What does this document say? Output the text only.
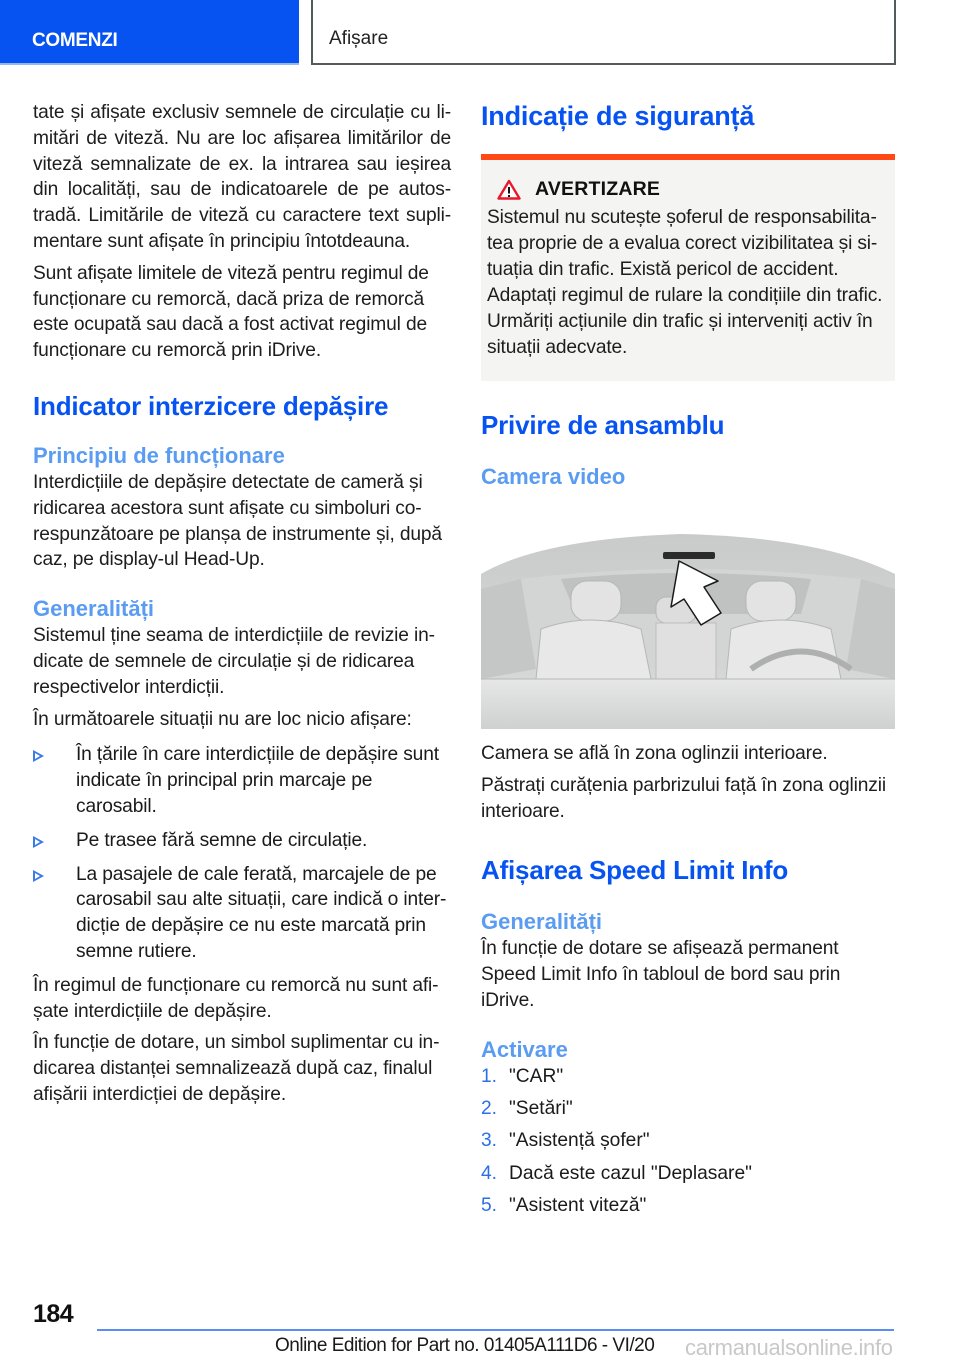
COMENZI	Afișare

tate și afișate exclusiv semnele de circulație cu li-mitări de viteză. Nu are loc afișarea limitărilor de viteză semnalizate de ex. la intrarea sau ieșirea din localități, sau de indicatoarele de pe autos-tradă. Limitările de viteză cu caractere text supli-mentare sunt afișate în principiu întotdeauna.

Sunt afișate limitele de viteză pentru regimul de funcționare cu remorcă, dacă priza de remorcă este ocupată sau dacă a fost activat regimul de funcționare cu remorcă prin iDrive.

Indicator interzicere depășire
Principiu de funcționare

Interdicțiile de depășire detectate de cameră și ridicarea acestora sunt afișate cu simboluri co-respunzătoare pe planșa de instrumente și, după caz, pe display-ul Head-Up.

Generalități

Sistemul ține seama de interdicțiile de revizie in-dicate de semnele de circulație și de ridicarea respectivelor interdicții.

În următoarele situații nu are loc nicio afișare:

În țările în care interdicțiile de depășire sunt indicate în principal prin marcaje pe carosabil.
Pe trasee fără semne de circulație.
La pasajele de cale ferată, marcajele de pe carosabil sau alte situații, care indică o inter-dicție de depășire ce nu este marcată prin semne rutiere.

În regimul de funcționare cu remorcă nu sunt afi-șate interdicțiile de depășire.

În funcție de dotare, un simbol suplimentar cu in-dicarea distanței semnalizează după caz, finalul afișării interdicției de depășire.

Indicație de siguranță
AVERTIZARE

Sistemul nu scutește șoferul de responsabilita-tea proprie de a evalua corect vizibilitatea și si-tuația din trafic. Există pericol de accident. Adaptați regimul de rulare la condițiile din trafic. Urmăriți acțiunile din trafic și interveniți activ în situații adecvate.

Privire de ansamblu
Camera video

Camera se află în zona oglinzii interioare.

Păstrați curățenia parbrizului față în zona oglinzii interioare.

Afișarea Speed Limit Info
Generalități

În funcție de dotare se afișează permanent Speed Limit Info în tabloul de bord sau prin iDrive.

Activare
1. "CAR"
2. "Setări"
3. "Asistență șofer"
4. Dacă este cazul "Deplasare"
5. "Asistent viteză"
184
Online Edition for Part no. 01405A111D6 - VI/20 carmanualsonline.info
